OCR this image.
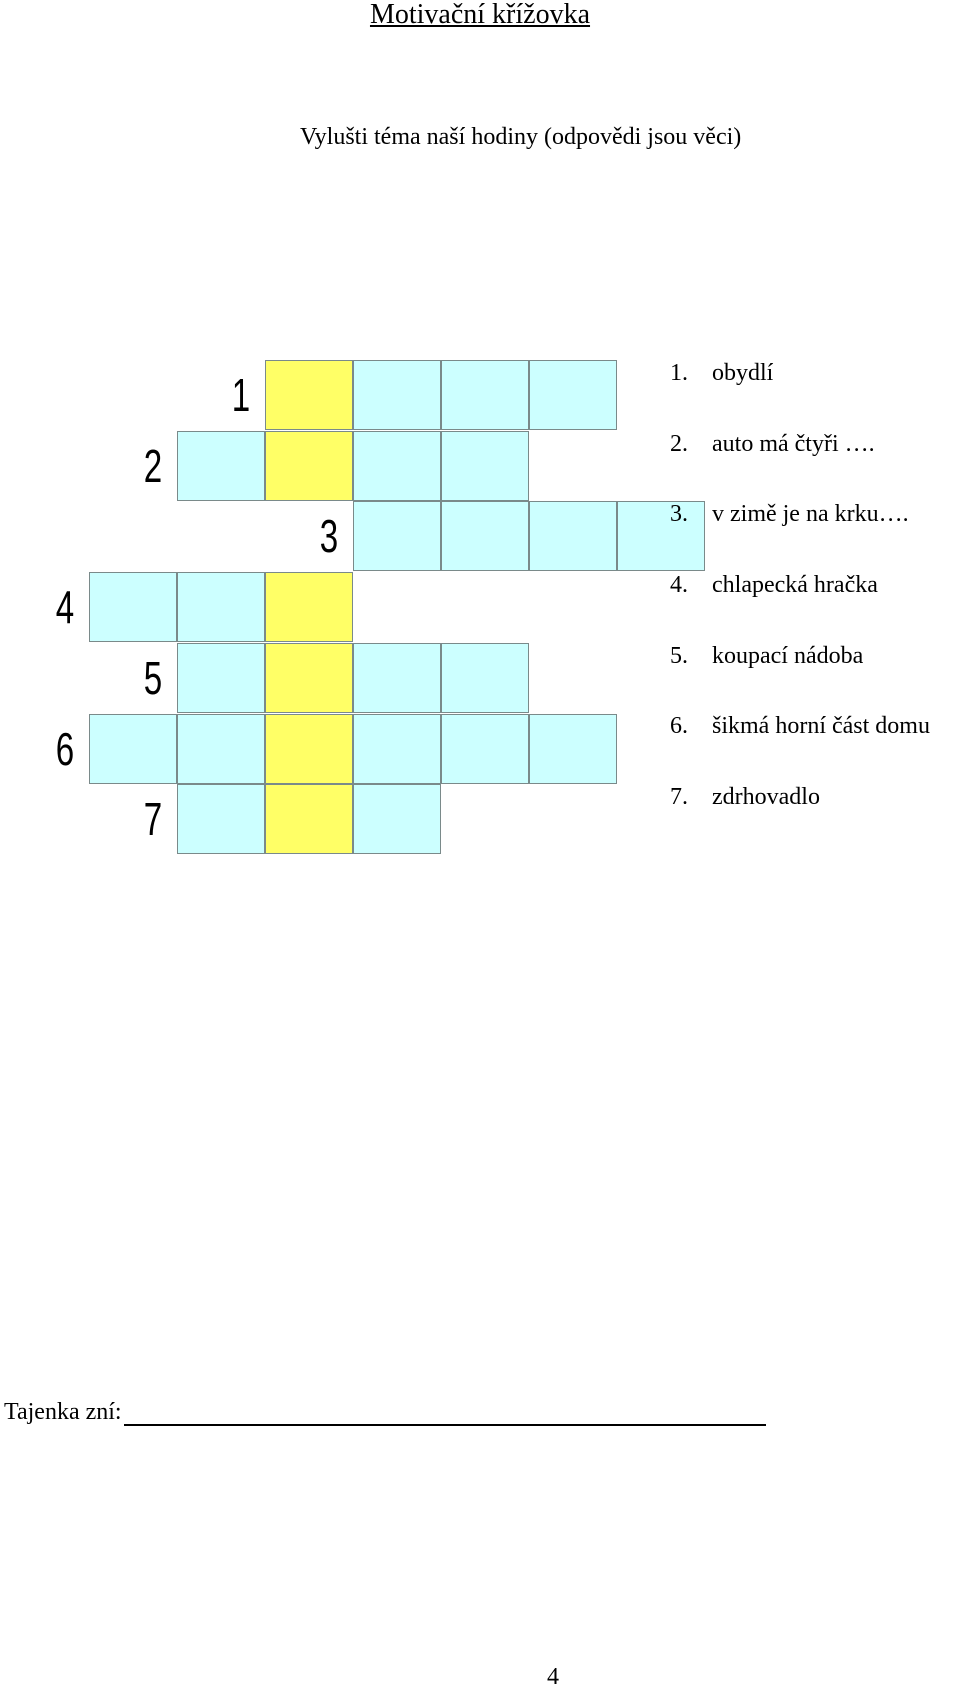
Motivační křížovka
Vylušti téma naší hodiny (odpovědi jsou věci)
1
2
3
4
5
6
7
1.	obydlí
2.	auto má čtyři ….
3.	v zimě je na krku….
4.	chlapecká hračka
5.	koupací nádoba
6.	šikmá horní část domu
7.	zdrhovadlo
Tajenka zní:
4
